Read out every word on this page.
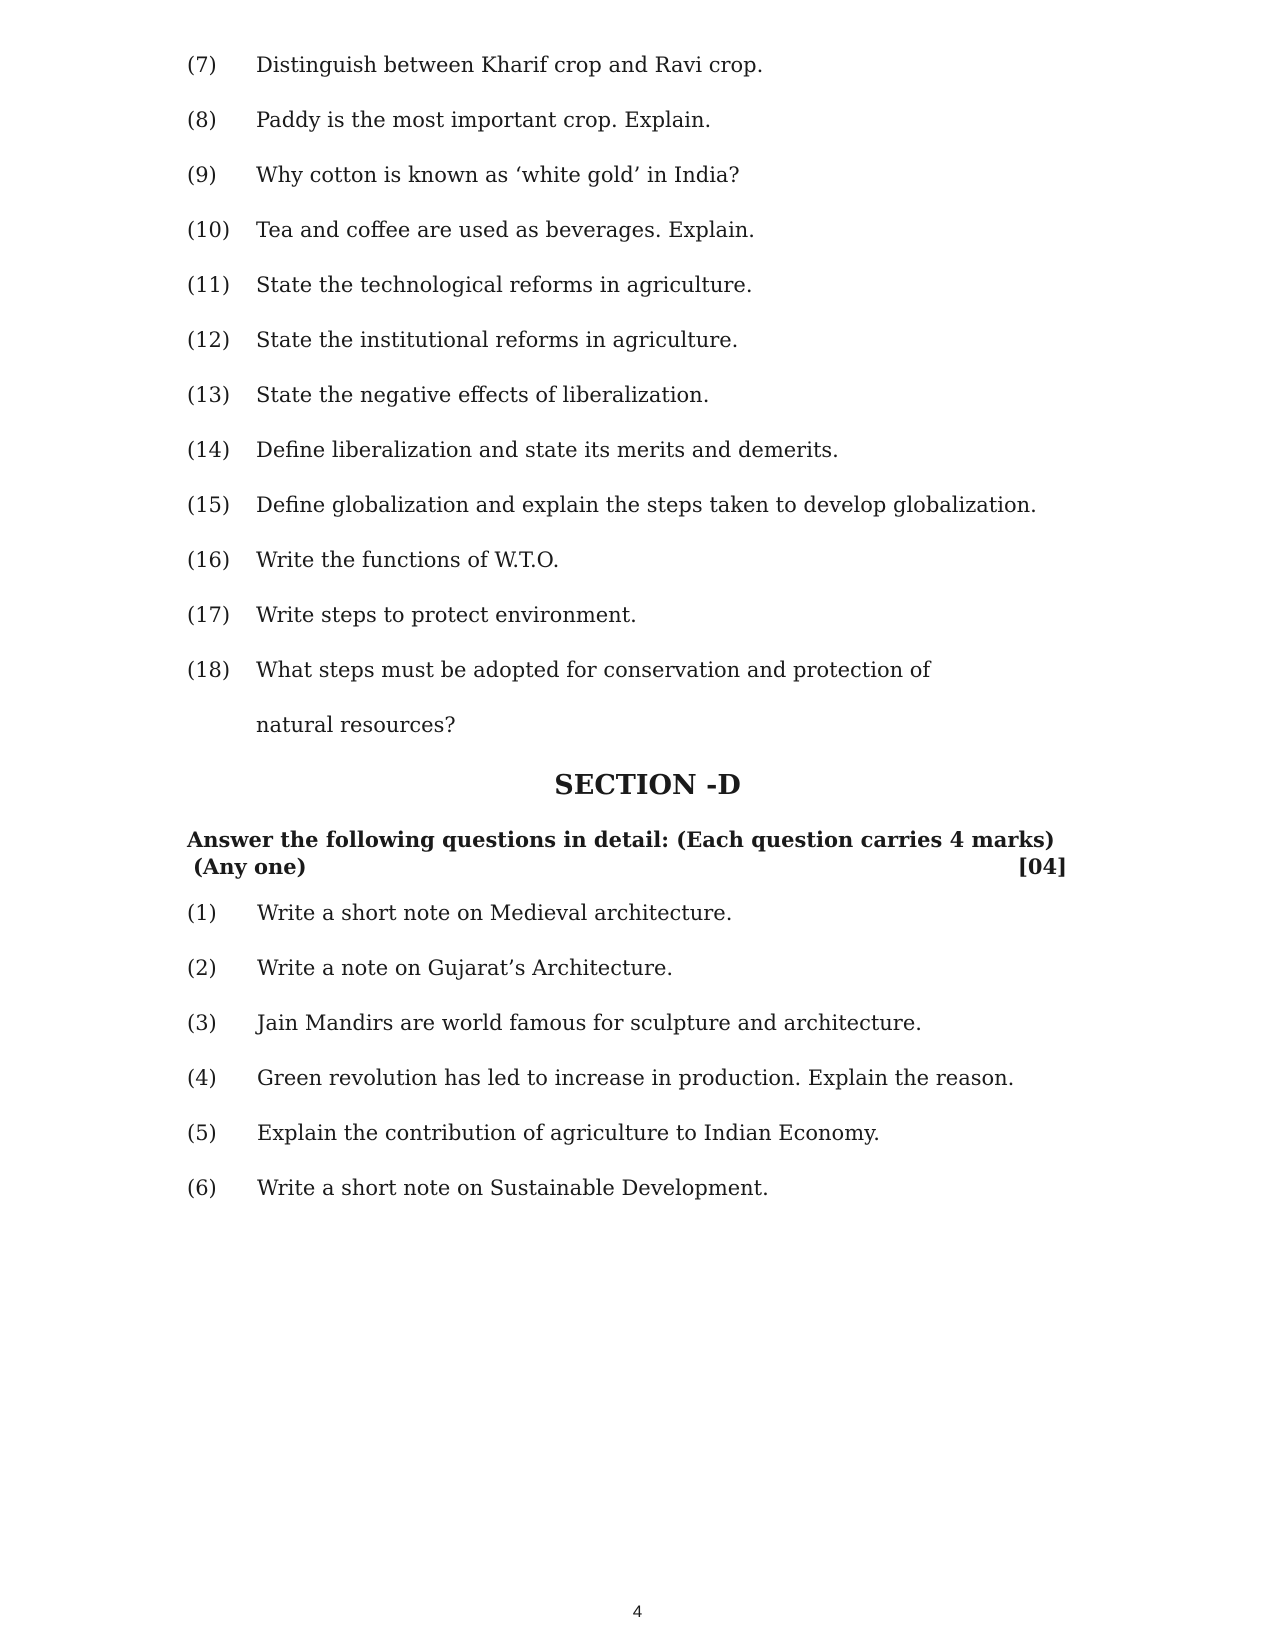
(7)	Distinguish between Kharif crop and Ravi crop.
(8)	Paddy is the most important crop. Explain.
(9)	Why cotton is known as ‘white gold’ in India?
(10)	Tea and coffee are used as beverages. Explain.
(11)	State the technological reforms in agriculture.
(12)	State the institutional reforms in agriculture.
(13)	State the negative effects of liberalization.
(14)	Define liberalization and state its merits and demerits.
(15)	Define globalization and explain the steps taken to develop globalization.
(16)	Write the functions of W.T.O.
(17)	Write steps to protect environment.
(18)	What steps must be adopted for conservation and protection of natural resources?
SECTION -D
Answer the following questions in detail: (Each question carries 4 marks)
(Any one)	[04]
(1)	Write a short note on Medieval architecture.
(2)	Write a note on Gujarat’s Architecture.
(3)	Jain Mandirs are world famous for sculpture and architecture.
(4)	Green revolution has led to increase in production. Explain the reason.
(5)	Explain the contribution of agriculture to Indian Economy.
(6)	Write a short note on Sustainable Development.
4
